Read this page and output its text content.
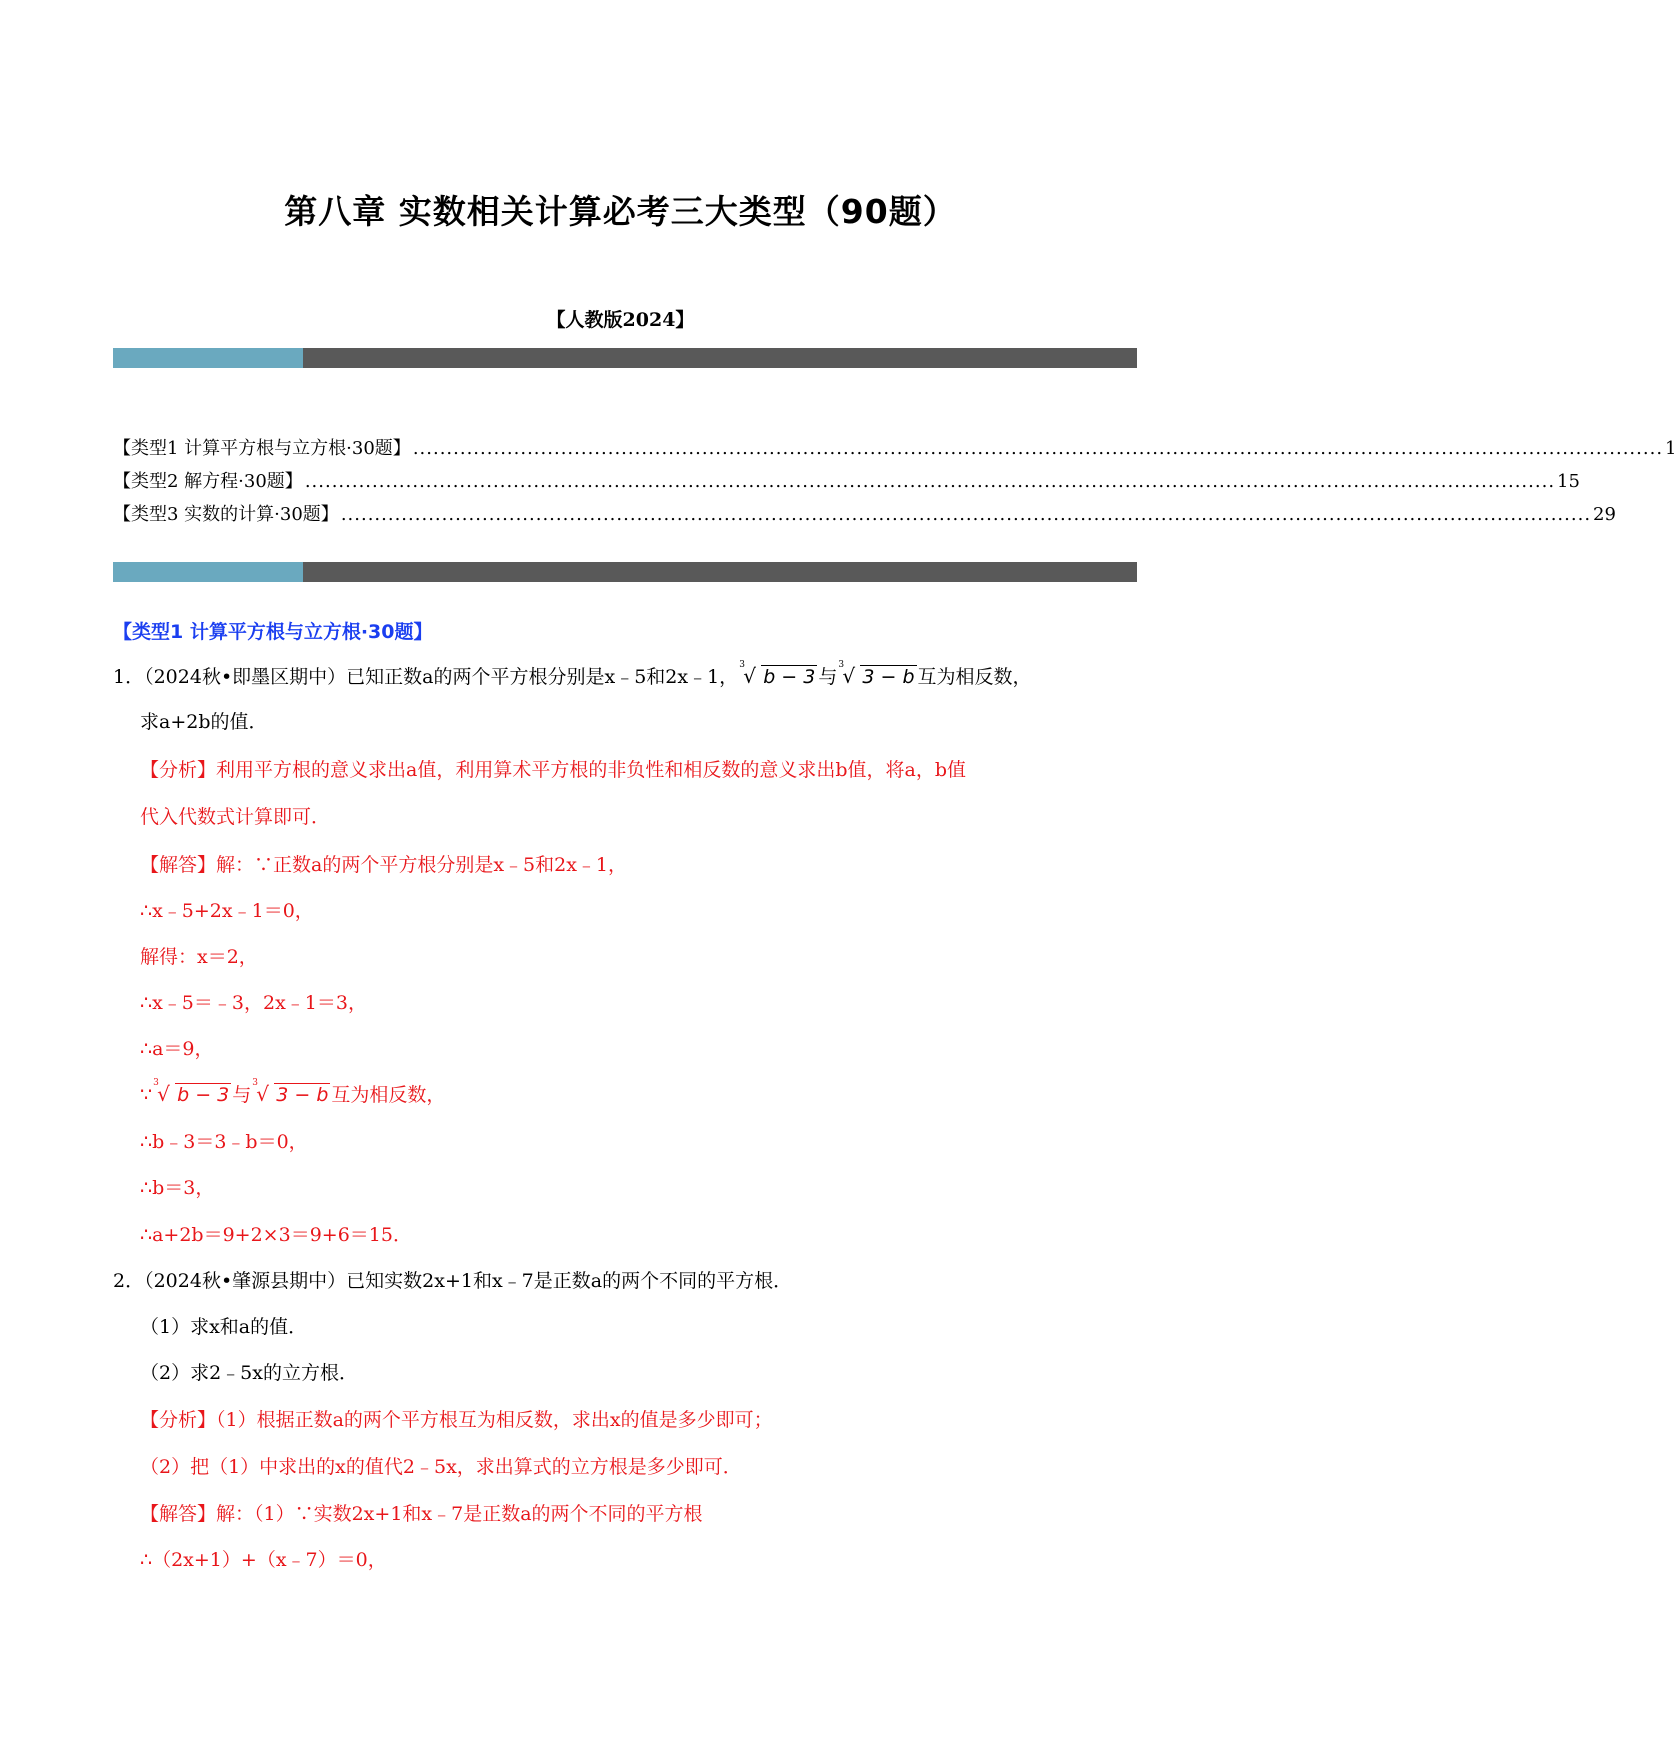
第八章 实数相关计算必考三大类型（90题）
【人教版2024】
【类型1 计算平方根与立方根·30题】 .......................................................................................................................................................................................... 1
【类型2 解方程·30题】 .......................................................................................................................................................................................... 15
【类型3 实数的计算·30题】 .......................................................................................................................................................................................... 29
【类型1 计算平方根与立方根·30题】
1．（2024秋•即墨区期中）已知正数a的两个平方根分别是x﹣5和2x﹣1，
3
√ b − 3 与
3
√ 3 − b 互为相反数，
求a+2b的值．
【分析】利用平方根的意义求出a值，利用算术平方根的非负性和相反数的意义求出b值，将a，b值
代入代数式计算即可．
【解答】解：∵正数a的两个平方根分别是x﹣5和2x﹣1，
∴x﹣5+2x﹣1＝0，
解得：x＝2，
∴x﹣5＝﹣3，2x﹣1＝3，
∴a＝9，
∵
3
√ b − 3 与
3
√ 3 − b 互为相反数，
∴b﹣3＝3﹣b＝0，
∴b＝3，
∴a+2b＝9+2×3＝9+6＝15．
2．（2024秋•肇源县期中）已知实数2x+1和x﹣7是正数a的两个不同的平方根．
（1）求x和a的值．
（2）求2﹣5x的立方根．
【分析】（1）根据正数a的两个平方根互为相反数，求出x的值是多少即可；
（2）把（1）中求出的x的值代2﹣5x，求出算式的立方根是多少即可．
【解答】解：（1）∵实数2x+1和x﹣7是正数a的两个不同的平方根
∴（2x+1）+（x﹣7）＝0，
